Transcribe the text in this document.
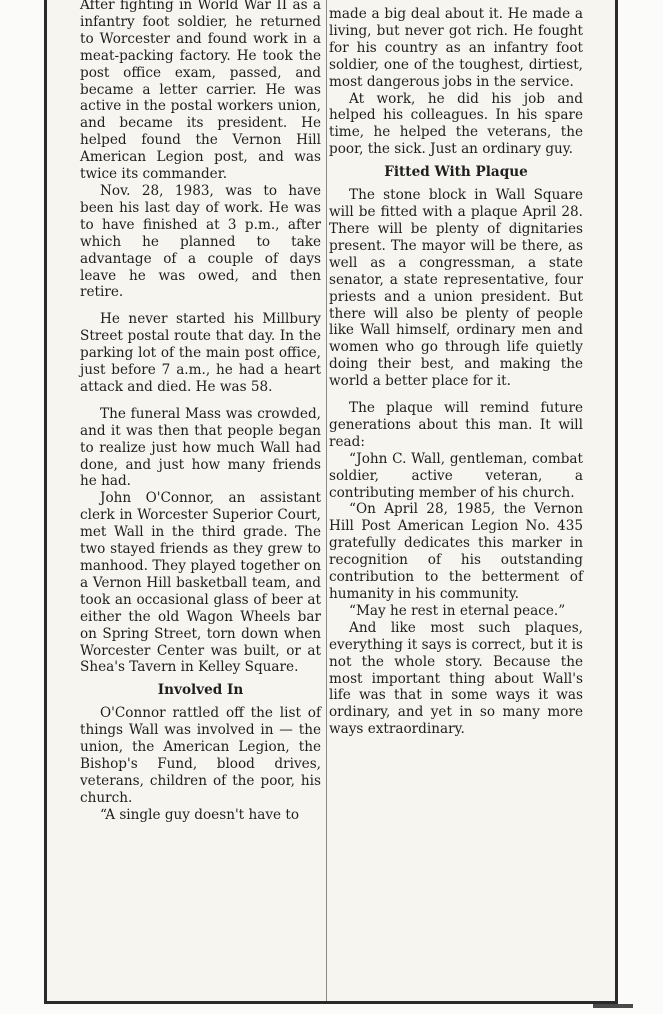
After fighting in World War II as a infantry foot soldier, he returned to Worcester and found work in a meat-packing factory. He took the post office exam, passed, and became a letter carrier. He was active in the postal workers union, and became its president. He helped found the Vernon Hill American Legion post, and was twice its commander.

Nov. 28, 1983, was to have been his last day of work. He was to have finished at 3 p.m., after which he planned to take advantage of a couple of days leave he was owed, and then retire.

He never started his Millbury Street postal route that day. In the parking lot of the main post office, just before 7 a.m., he had a heart attack and died. He was 58.

The funeral Mass was crowded, and it was then that people began to realize just how much Wall had done, and just how many friends he had.

John O'Connor, an assistant clerk in Worcester Superior Court, met Wall in the third grade. The two stayed friends as they grew to manhood. They played together on a Vernon Hill basketball team, and took an occasional glass of beer at either the old Wagon Wheels bar on Spring Street, torn down when Worcester Center was built, or at Shea's Tavern in Kelley Square.

Involved In

O'Connor rattled off the list of things Wall was involved in — the union, the American Legion, the Bishop's Fund, blood drives, veterans, children of the poor, his church.

“A single guy doesn't have to

made a big deal about it. He made a living, but never got rich. He fought for his country as an infantry foot soldier, one of the toughest, dirtiest, most dangerous jobs in the service.

At work, he did his job and helped his colleagues. In his spare time, he helped the veterans, the poor, the sick. Just an ordinary guy.

Fitted With Plaque

The stone block in Wall Square will be fitted with a plaque April 28. There will be plenty of dignitaries present. The mayor will be there, as well as a congressman, a state senator, a state representative, four priests and a union president. But there will also be plenty of people like Wall himself, ordinary men and women who go through life quietly doing their best, and making the world a better place for it.

The plaque will remind future generations about this man. It will read:

“John C. Wall, gentleman, combat soldier, active veteran, a contributing member of his church.

“On April 28, 1985, the Vernon Hill Post American Legion No. 435 gratefully dedicates this marker in recognition of his outstanding contribution to the betterment of humanity in his community.

“May he rest in eternal peace.”

And like most such plaques, everything it says is correct, but it is not the whole story. Because the most important thing about Wall's life was that in some ways it was ordinary, and yet in so many more ways extraordinary.
